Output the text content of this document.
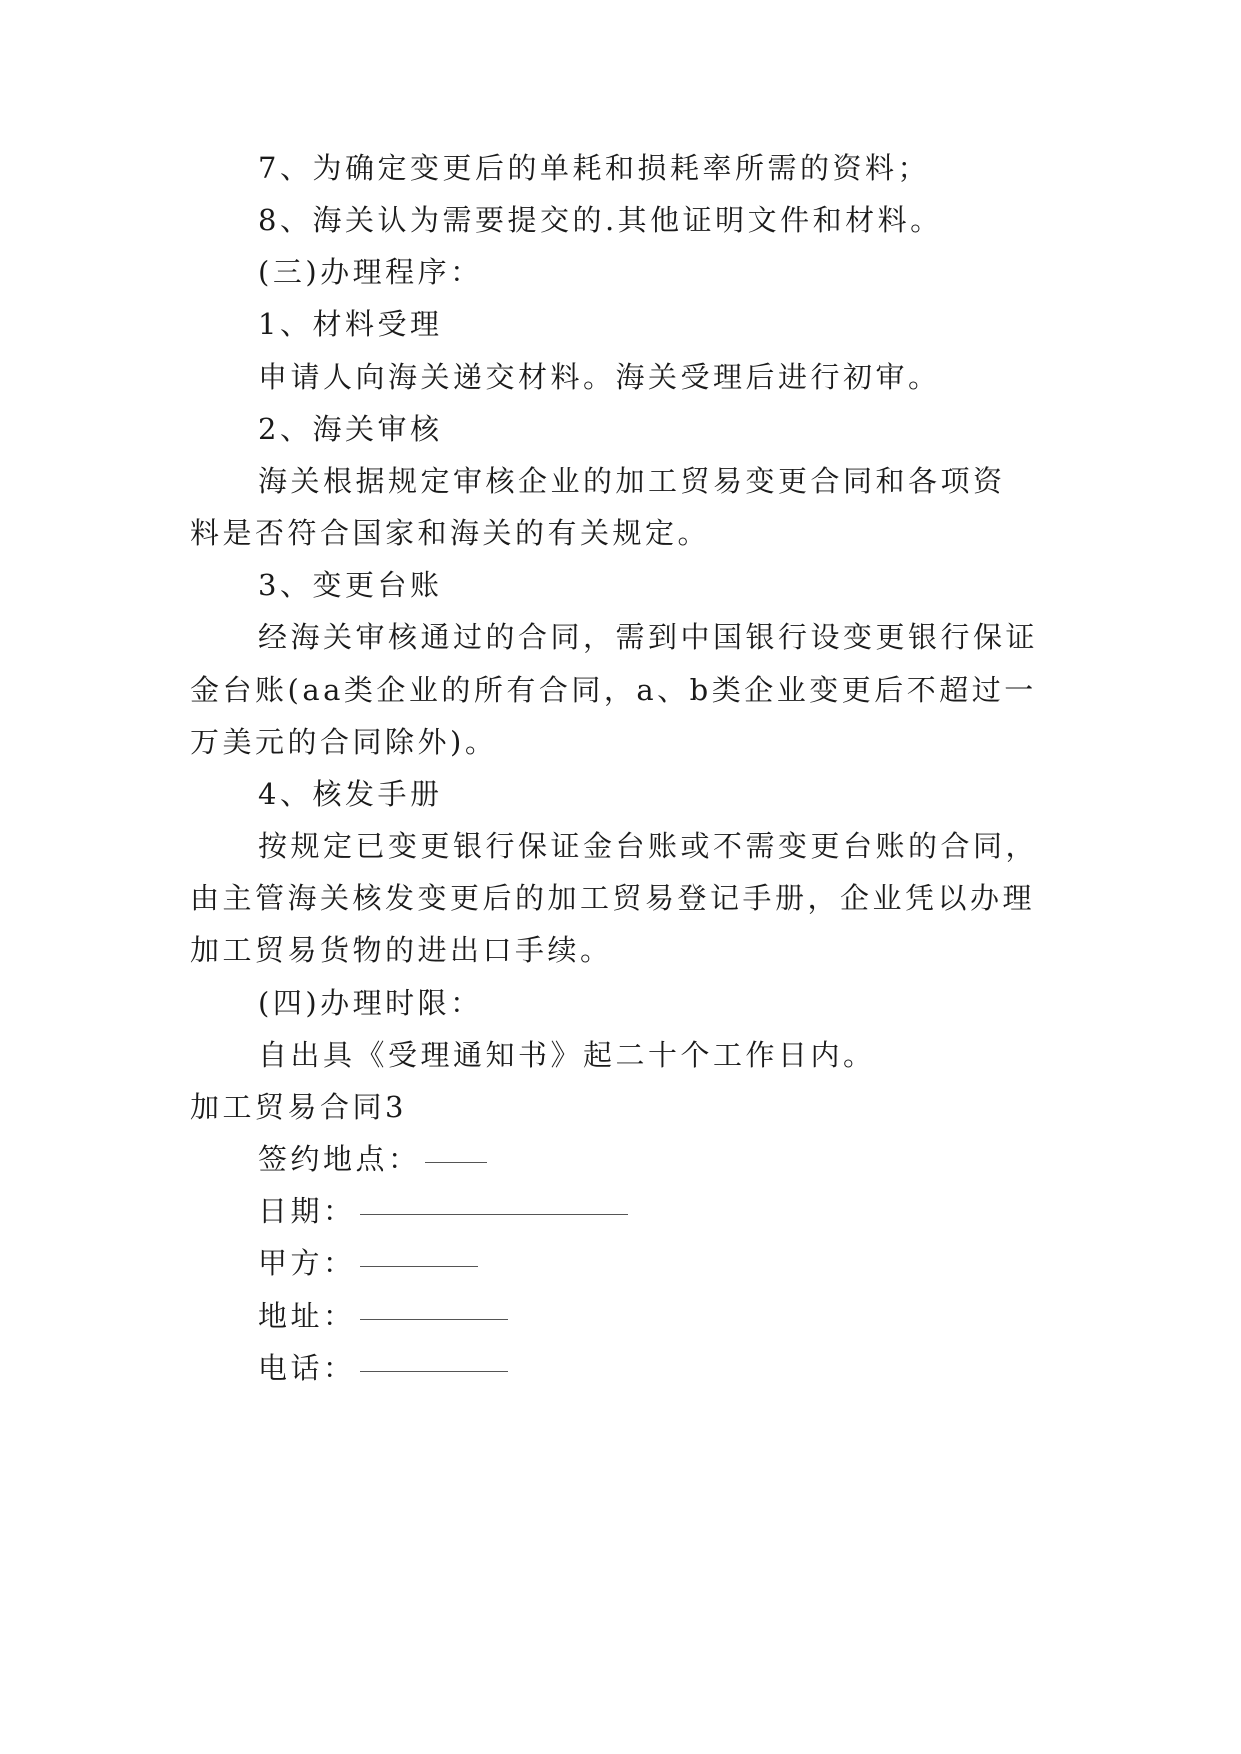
7、为确定变更后的单耗和损耗率所需的资料；

8、海关认为需要提交的.其他证明文件和材料。

(三)办理程序：

1、材料受理

申请人向海关递交材料。海关受理后进行初审。

2、海关审核

海关根据规定审核企业的加工贸易变更合同和各项资

料是否符合国家和海关的有关规定。

3、变更台账

经海关审核通过的合同，需到中国银行设变更银行保证

金台账(aa类企业的所有合同，a、b类企业变更后不超过一

万美元的合同除外)。

4、核发手册

按规定已变更银行保证金台账或不需变更台账的合同，

由主管海关核发变更后的加工贸易登记手册，企业凭以办理

加工贸易货物的进出口手续。

(四)办理时限：

自出具《受理通知书》起二十个工作日内。

加工贸易合同3

签约地点：

日期：

甲方：

地址：

电话：
